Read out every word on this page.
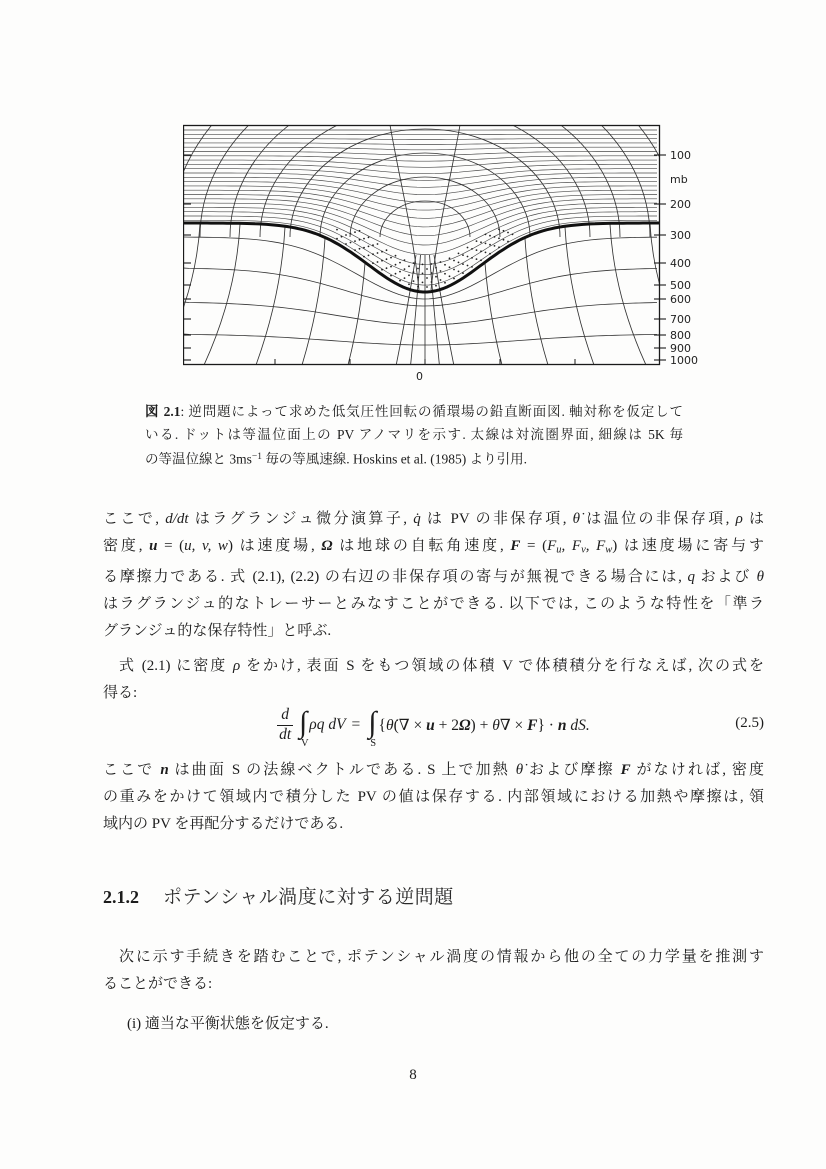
100
mb
200
300
400
500
600
700
800
900
1000
0
図 2.1: 逆問題によって求めた低気圧性回転の循環場の鉛直断面図. 軸対称を仮定して
いる. ドットは等温位面上の PV アノマリを示す. 太線は対流圏界面, 細線は 5K 毎
の等温位線と $3ms^{-1}$ 毎の等風速線. Hoskins et al. (1985) より引用.
ここで, d/dt はラグランジュ微分演算子, q̇ は PV の非保存項, θ̇ は温位の非保存項, ρ は
密度, u = (u, v, w) は速度場, Ω は地球の自転角速度, F = (Fu, Fv, Fw) は速度場に寄与す
る摩擦力である. 式 (2.1), (2.2) の右辺の非保存項の寄与が無視できる場合には, q および θ
はラグランジュ的なトレーサーとみなすことができる. 以下では, このような特性を「準ラ
グランジュ的な保存特性」と呼ぶ.
式 (2.1) に密度 ρ をかけ, 表面 S をもつ領域の体積 V で体積積分を行なえば, 次の式を
得る:
$\frac{d}{dt}$ ∫
V
ρq dV = ∫
S
{θ̇(∇ × u + 2Ω) + θ∇ × F} · n dS.	(2.5)
ここで n は曲面 S の法線ベクトルである. S 上で加熱 θ̇ および摩擦 F がなければ, 密度
の重みをかけて領域内で積分した PV の値は保存する. 内部領域における加熱や摩擦は, 領
域内の PV を再配分するだけである.
2.1.2 ポテンシャル渦度に対する逆問題
次に示す手続きを踏むことで, ポテンシャル渦度の情報から他の全ての力学量を推測す
ることができる:
(i) 適当な平衡状態を仮定する.
8
